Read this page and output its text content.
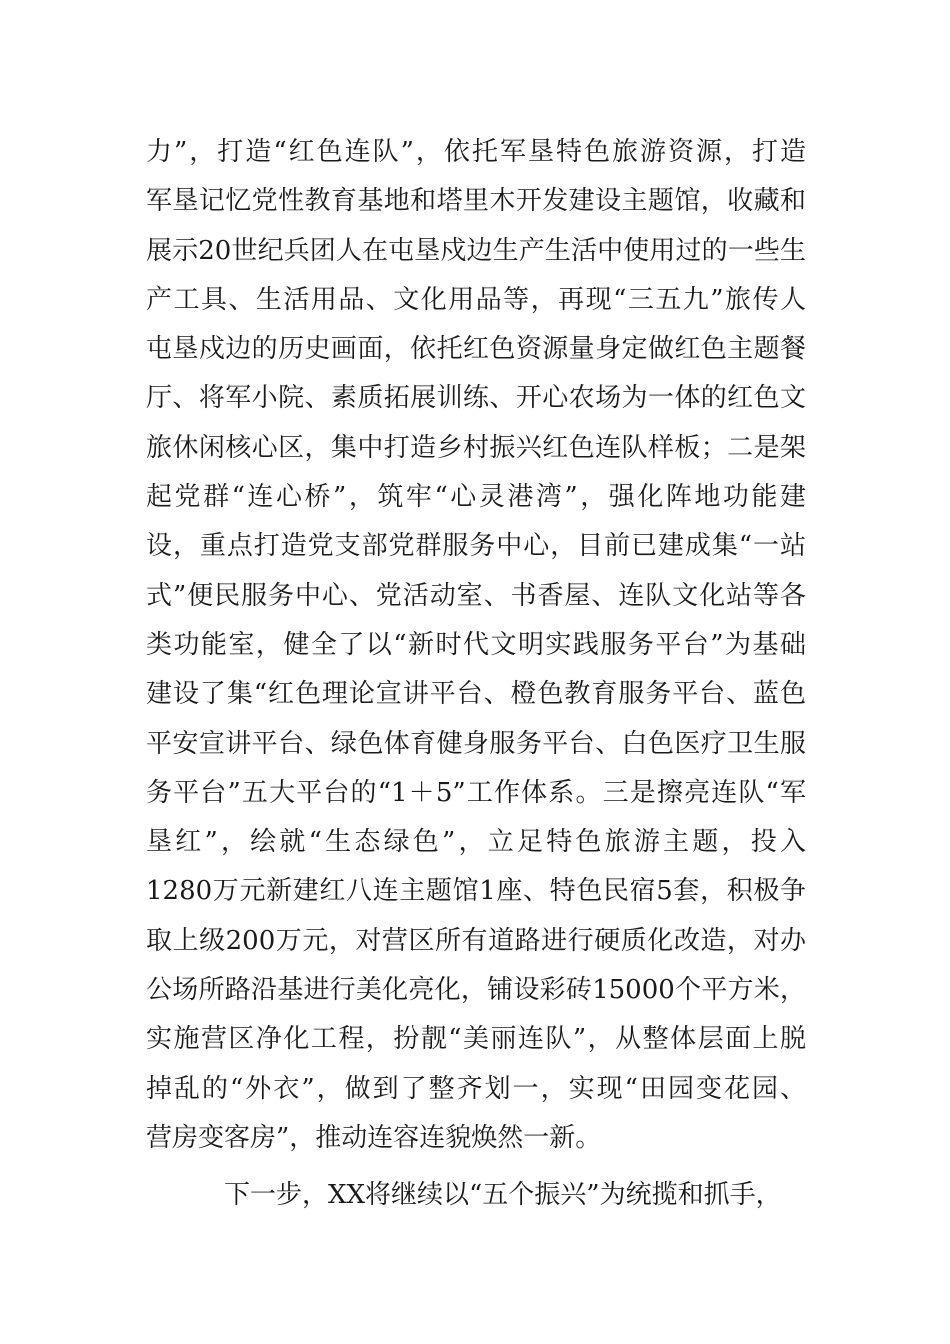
力”，打造“红色连队”，依托军垦特色旅游资源，打造
军垦记忆党性教育基地和塔里木开发建设主题馆，收藏和
展示20世纪兵团人在屯垦戍边生产生活中使用过的一些生
产工具、生活用品、文化用品等，再现“三五九”旅传人
屯垦戍边的历史画面，依托红色资源量身定做红色主题餐
厅、将军小院、素质拓展训练、开心农场为一体的红色文
旅休闲核心区，集中打造乡村振兴红色连队样板；二是架
起党群“连心桥”，筑牢“心灵港湾”，强化阵地功能建
设，重点打造党支部党群服务中心，目前已建成集“一站
式”便民服务中心、党活动室、书香屋、连队文化站等各
类功能室，健全了以“新时代文明实践服务平台”为基础
建设了集“红色理论宣讲平台、橙色教育服务平台、蓝色
平安宣讲平台、绿色体育健身服务平台、白色医疗卫生服
务平台”五大平台的“1＋5”工作体系。三是擦亮连队“军
垦红”，绘就“生态绿色”，立足特色旅游主题，投入
1280万元新建红八连主题馆1座、特色民宿5套，积极争
取上级200万元，对营区所有道路进行硬质化改造，对办
公场所路沿基进行美化亮化，铺设彩砖15000个平方米，
实施营区净化工程，扮靓“美丽连队”，从整体层面上脱
掉乱的“外衣”，做到了整齐划一，实现“田园变花园、
营房变客房”，推动连容连貌焕然一新。
下一步，XX将继续以“五个振兴”为统揽和抓手，
